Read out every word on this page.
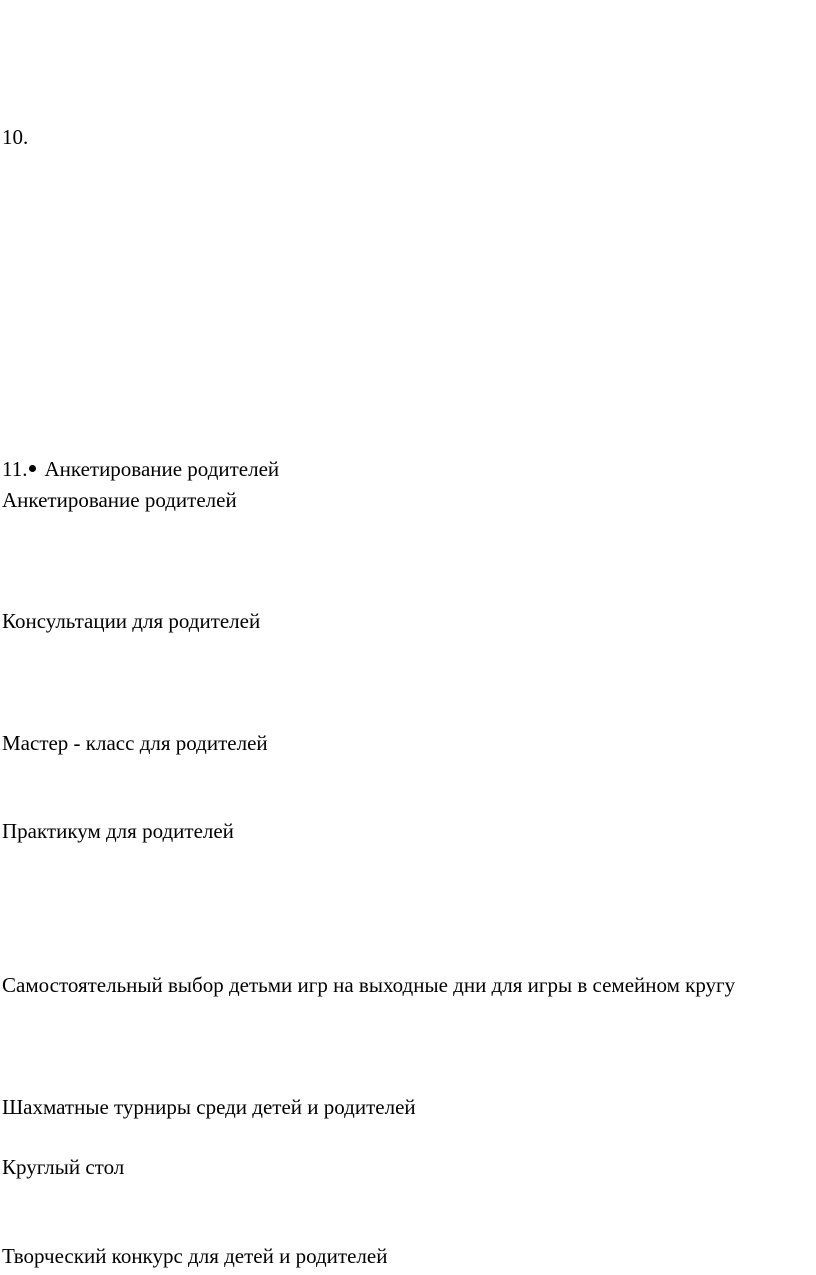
10.
11. Анкетирование родителей
Анкетирование родителей
Консультации для родителей
Мастер - класс для родителей
Практикум для родителей
Самостоятельный выбор детьми игр на выходные дни для игры в семейном кругу
Шахматные турниры среди детей и родителей
Круглый стол
Творческий конкурс для детей и родителей
